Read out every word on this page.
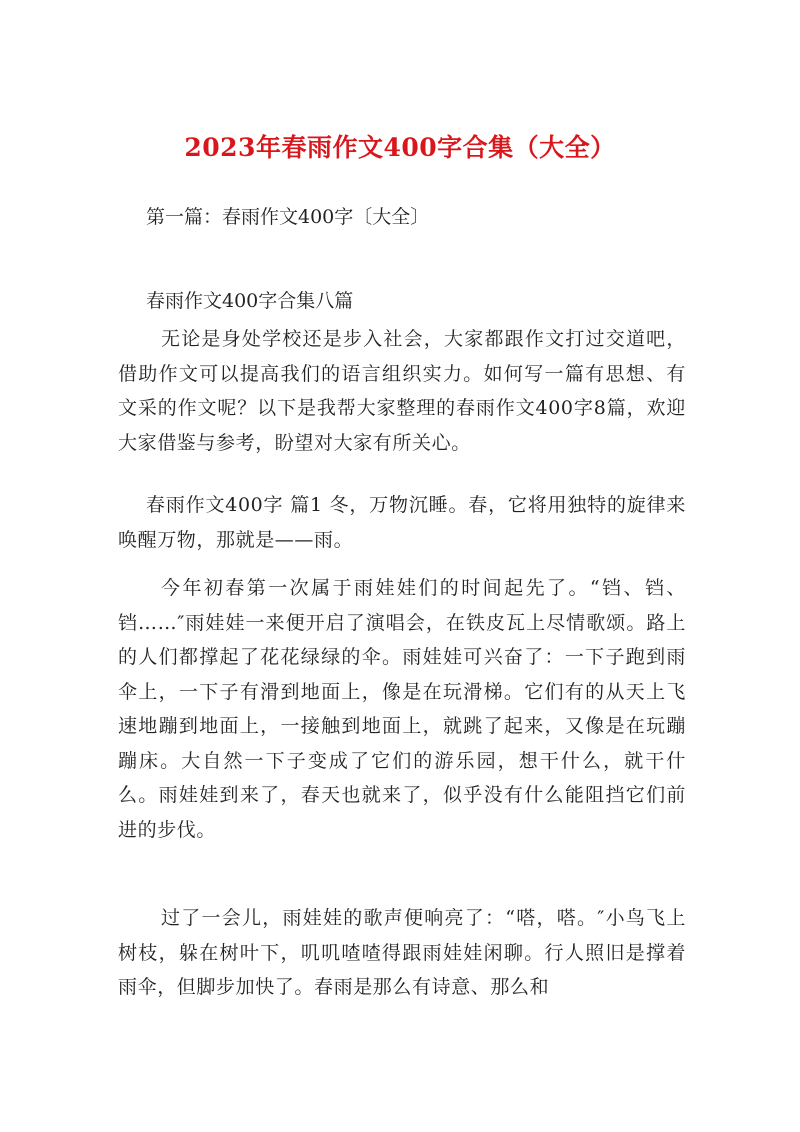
2023年春雨作文400字合集（大全）
第一篇：春雨作文400字〔大全〕
春雨作文400字合集八篇

无论是身处学校还是步入社会，大家都跟作文打过交道吧，借助作文可以提高我们的语言组织实力。如何写一篇有思想、有文采的作文呢？以下是我帮大家整理的春雨作文400字8篇，欢迎大家借鉴与参考，盼望对大家有所关心。

春雨作文400字 篇1 冬，万物沉睡。春，它将用独特的旋律来唤醒万物，那就是——雨。

今年初春第一次属于雨娃娃们的时间起先了。“铛、铛、铛……″雨娃娃一来便开启了演唱会，在铁皮瓦上尽情歌颂。路上的人们都撑起了花花绿绿的伞。雨娃娃可兴奋了：一下子跑到雨伞上，一下子有滑到地面上，像是在玩滑梯。它们有的从天上飞速地蹦到地面上，一接触到地面上，就跳了起来，又像是在玩蹦蹦床。大自然一下子变成了它们的游乐园，想干什么，就干什么。雨娃娃到来了，春天也就来了，似乎没有什么能阻挡它们前进的步伐。

过了一会儿，雨娃娃的歌声便响亮了：“嗒，嗒。″小鸟飞上树枝，躲在树叶下，叽叽喳喳得跟雨娃娃闲聊。行人照旧是撑着雨伞，但脚步加快了。春雨是那么有诗意、那么和
